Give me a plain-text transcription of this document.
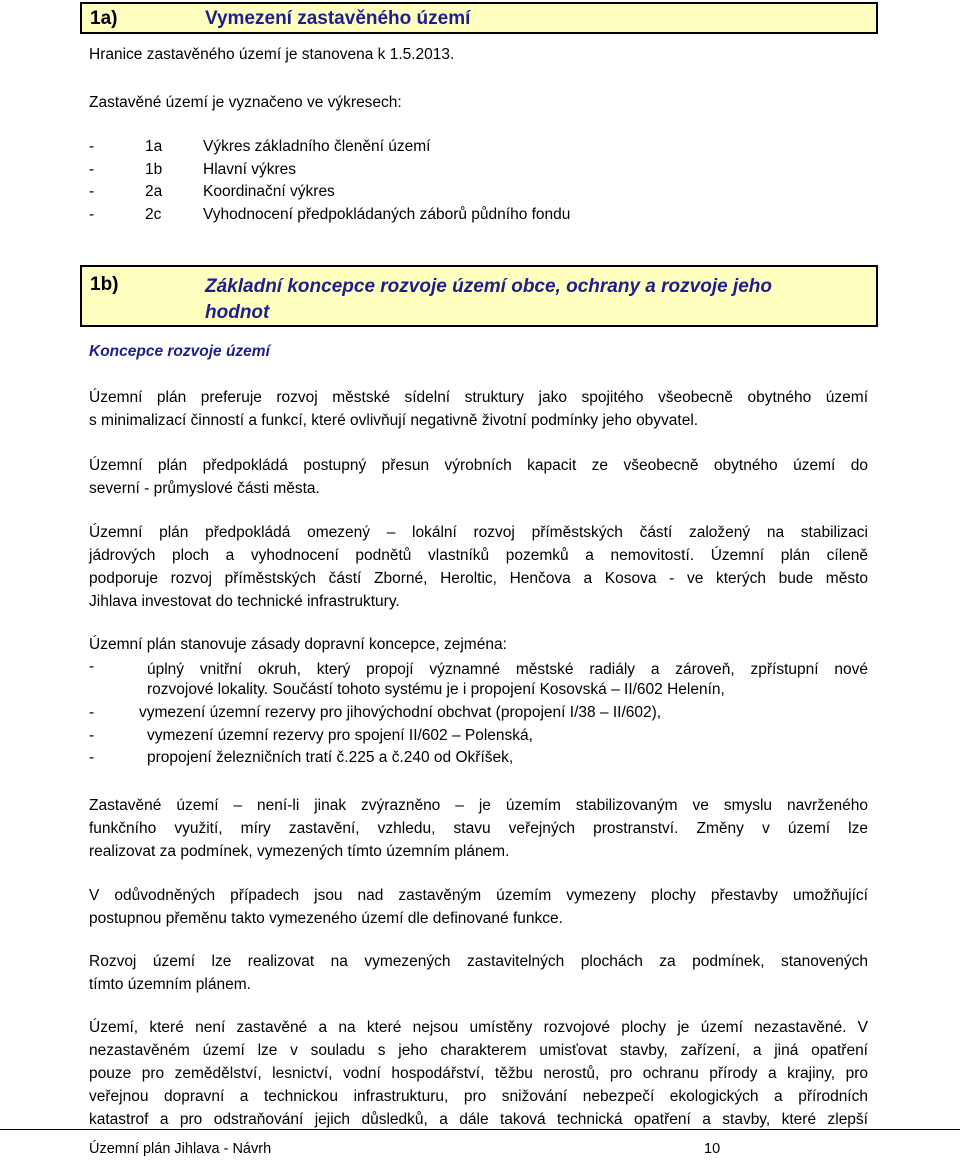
1a)	Vymezení zastavěného území
Hranice zastavěného území je stanovena k 1.5.2013.
Zastavěné území je vyznačeno ve výkresech:
-	1a	Výkres základního členění území
-	1b	Hlavní výkres
-	2a	Koordinační výkres
-	2c	Vyhodnocení předpokládaných záborů půdního fondu
1b)	Základní koncepce rozvoje území obce, ochrany a rozvoje jeho
hodnot
Koncepce rozvoje území
Územní plán preferuje rozvoj městské sídelní struktury jako spojitého všeobecně obytného území
s minimalizací činností a funkcí, které ovlivňují negativně životní podmínky jeho obyvatel.
Územní plán předpokládá postupný přesun výrobních kapacit ze všeobecně obytného území do
severní - průmyslové části města.
Územní plán předpokládá omezený – lokální rozvoj příměstských částí založený na stabilizaci
jádrových ploch a vyhodnocení podnětů vlastníků pozemků a nemovitostí. Územní plán cíleně
podporuje rozvoj příměstských částí Zborné, Heroltic, Henčova a Kosova - ve kterých bude město
Jihlava investovat do technické infrastruktury.
Územní plán stanovuje zásady dopravní koncepce, zejména:
-	úplný vnitřní okruh, který propojí významné městské radiály a zároveň, zpřístupní nové
rozvojové lokality. Součástí tohoto systému je i propojení Kosovská – II/602 Helenín,
-	vymezení územní rezervy pro jihovýchodní obchvat (propojení I/38 – II/602),
-	vymezení územní rezervy pro spojení II/602 – Polenská,
-	propojení železničních tratí č.225 a č.240 od Okříšek,
Zastavěné území – není-li jinak zvýrazněno – je územím stabilizovaným ve smyslu navrženého
funkčního využití, míry zastavění, vzhledu, stavu veřejných prostranství. Změny v území lze
realizovat za podmínek, vymezených tímto územním plánem.
V odůvodněných případech jsou nad zastavěným územím vymezeny plochy přestavby umožňující
postupnou přeměnu takto vymezeného území dle definované funkce.
Rozvoj území lze realizovat na vymezených zastavitelných plochách za podmínek, stanovených
tímto územním plánem.
Území, které není zastavěné a na které nejsou umístěny rozvojové plochy je území nezastavěné. V
nezastavěném území lze v souladu s jeho charakterem umisťovat stavby, zařízení, a jiná opatření
pouze pro zemědělství, lesnictví, vodní hospodářství, těžbu nerostů, pro ochranu přírody a krajiny, pro
veřejnou dopravní a technickou infrastrukturu, pro snižování nebezpečí ekologických a přírodních
katastrof a pro odstraňování jejich důsledků, a dále taková technická opatření a stavby, které zlepší
Územní plán Jihlava - Návrh	10
